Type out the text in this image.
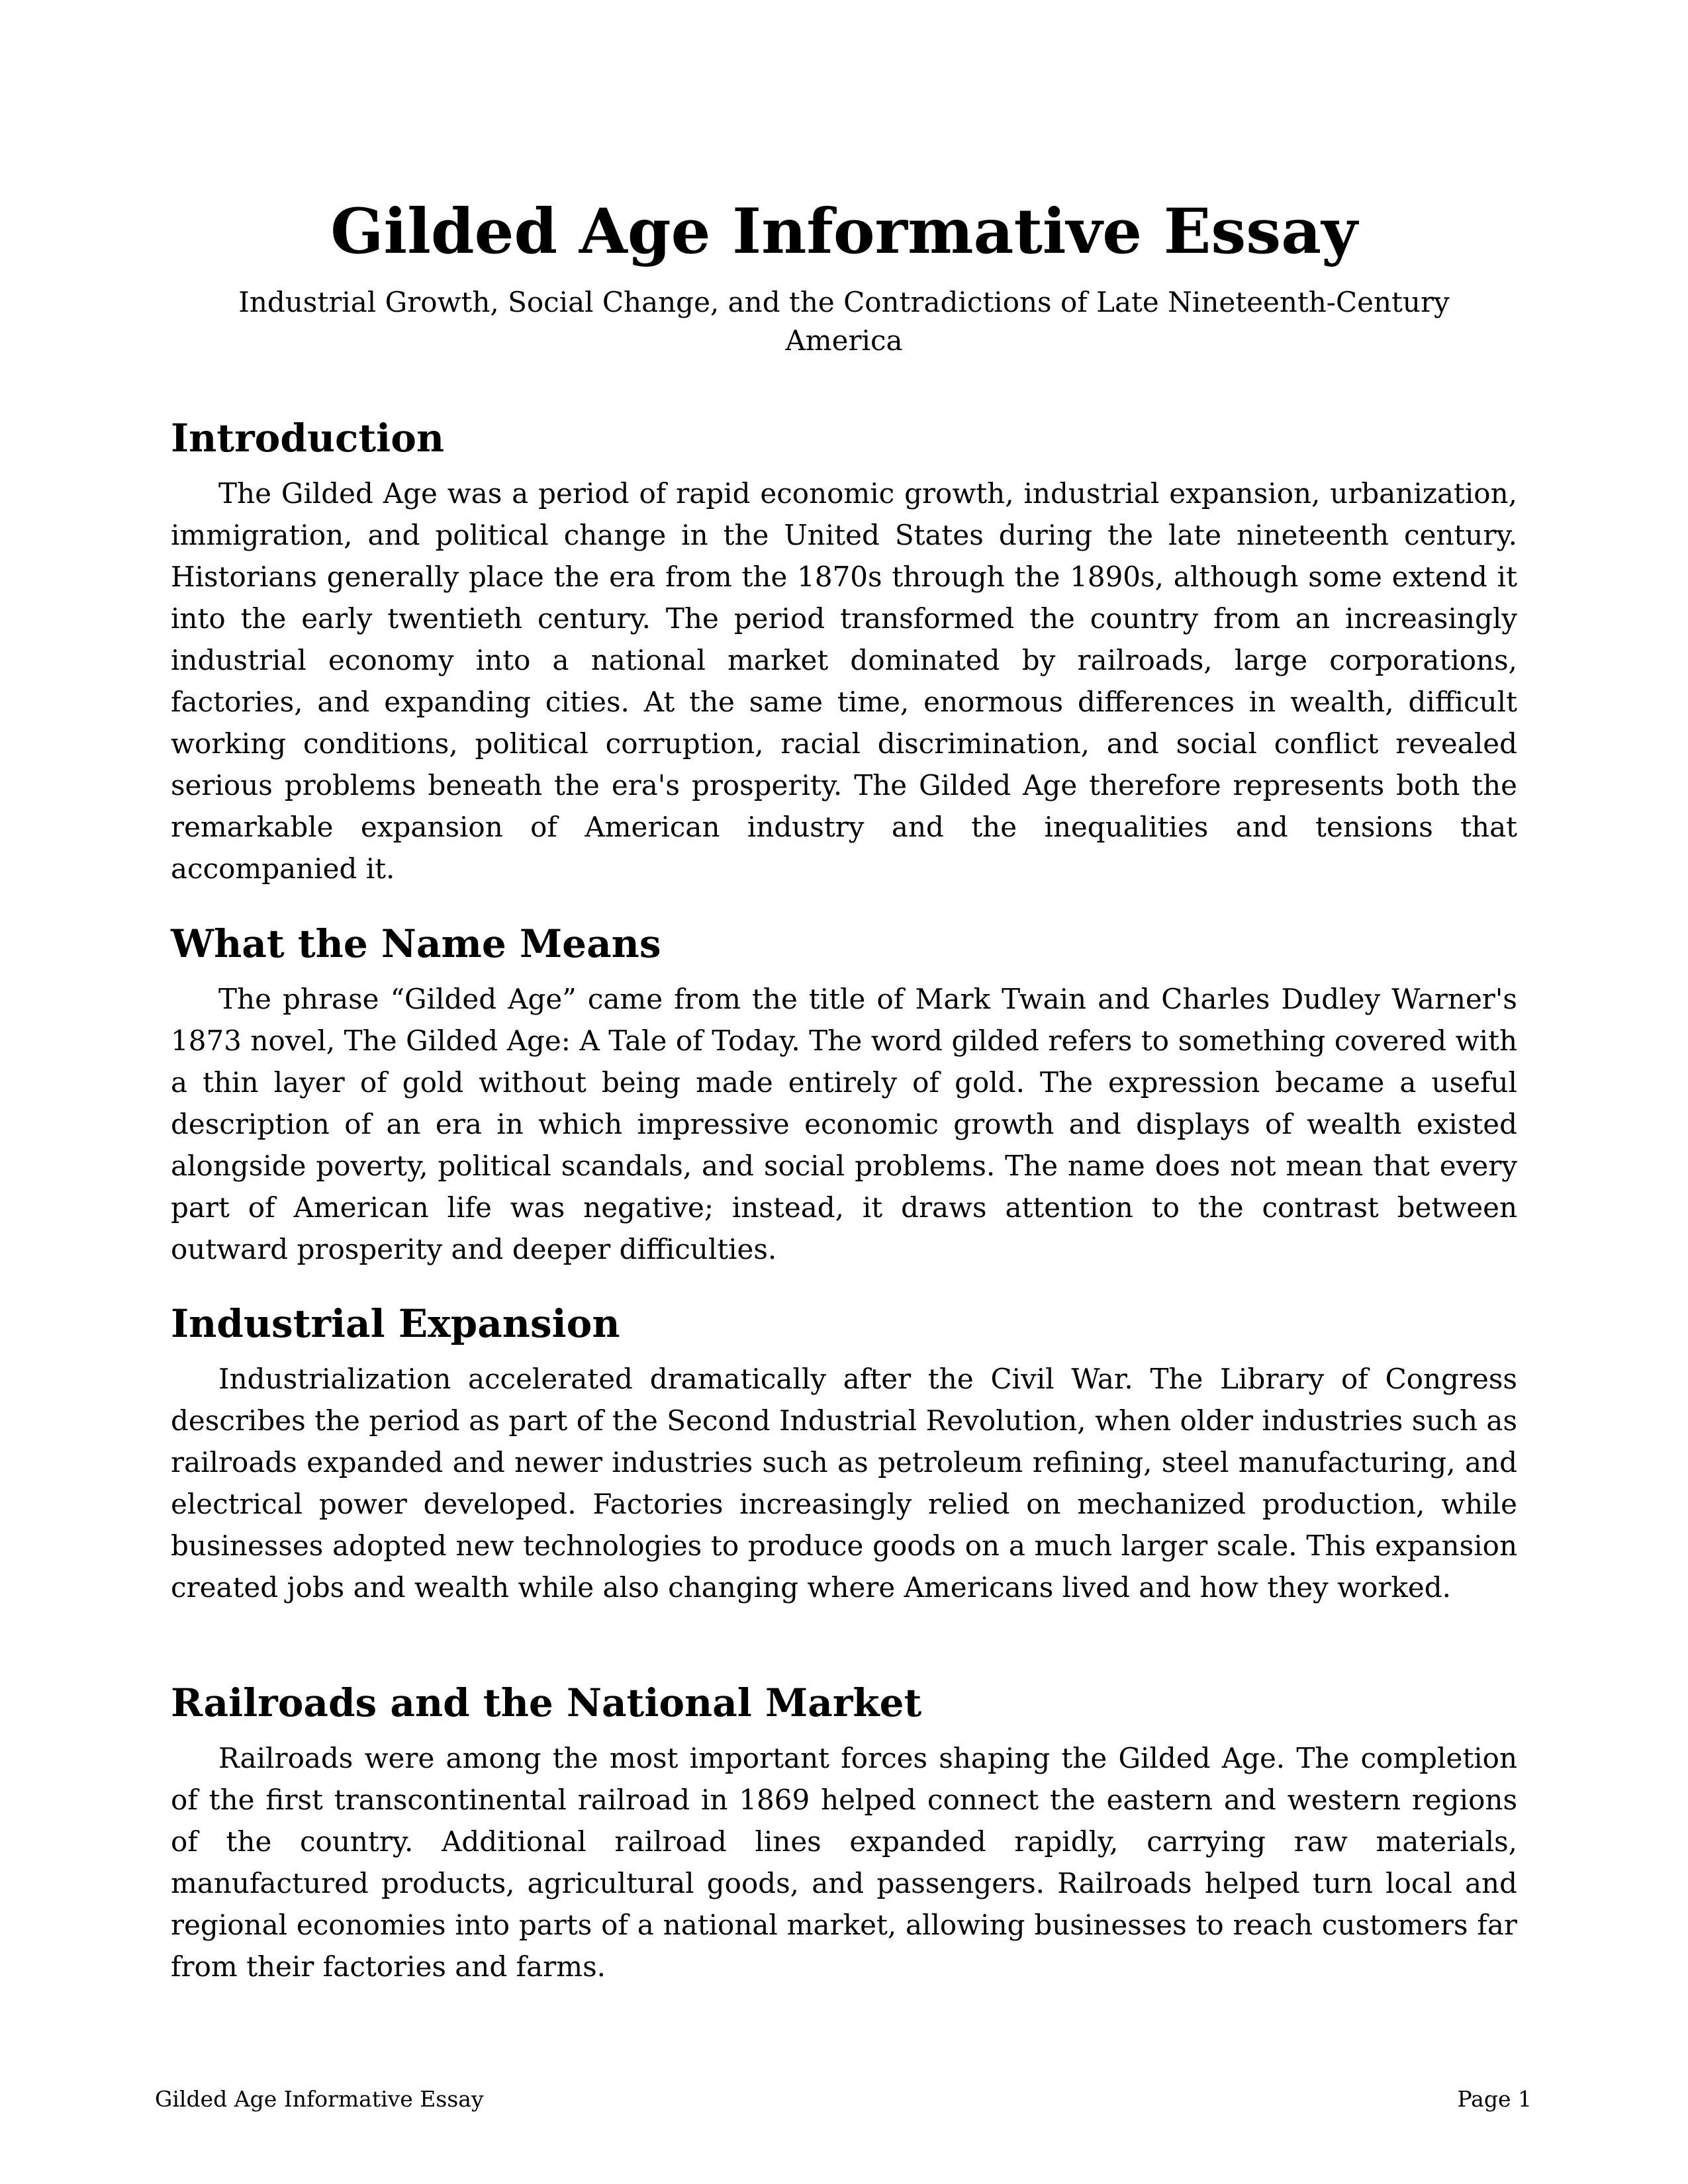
Gilded Age Informative Essay
Industrial Growth, Social Change, and the Contradictions of Late Nineteenth-Century America
Introduction

The Gilded Age was a period of rapid economic growth, industrial expansion, urbanization, immigration, and political change in the United States during the late nineteenth century. Historians generally place the era from the 1870s through the 1890s, although some extend it into the early twentieth century. The period transformed the country from an increasingly industrial economy into a national market dominated by railroads, large corporations, factories, and expanding cities. At the same time, enormous differences in wealth, difficult working conditions, political corruption, racial discrimination, and social conflict revealed serious problems beneath the era's prosperity. The Gilded Age therefore represents both the remarkable expansion of American industry and the inequalities and tensions that accompanied it.

What the Name Means

The phrase “Gilded Age” came from the title of Mark Twain and Charles Dudley Warner's 1873 novel, The Gilded Age: A Tale of Today. The word gilded refers to something covered with a thin layer of gold without being made entirely of gold. The expression became a useful description of an era in which impressive economic growth and displays of wealth existed alongside poverty, political scandals, and social problems. The name does not mean that every part of American life was negative; instead, it draws attention to the contrast between outward prosperity and deeper difficulties.

Industrial Expansion

Industrialization accelerated dramatically after the Civil War. The Library of Congress describes the period as part of the Second Industrial Revolution, when older industries such as railroads expanded and newer industries such as petroleum refining, steel manufacturing, and electrical power developed. Factories increasingly relied on mechanized production, while businesses adopted new technologies to produce goods on a much larger scale. This expansion created jobs and wealth while also changing where Americans lived and how they worked.

Railroads and the National Market

Railroads were among the most important forces shaping the Gilded Age. The completion of the first transcontinental railroad in 1869 helped connect the eastern and western regions of the country. Additional railroad lines expanded rapidly, carrying raw materials, manufactured products, agricultural goods, and passengers. Railroads helped turn local and regional economies into parts of a national market, allowing businesses to reach customers far from their factories and farms.

Gilded Age Informative Essay	Page 1
